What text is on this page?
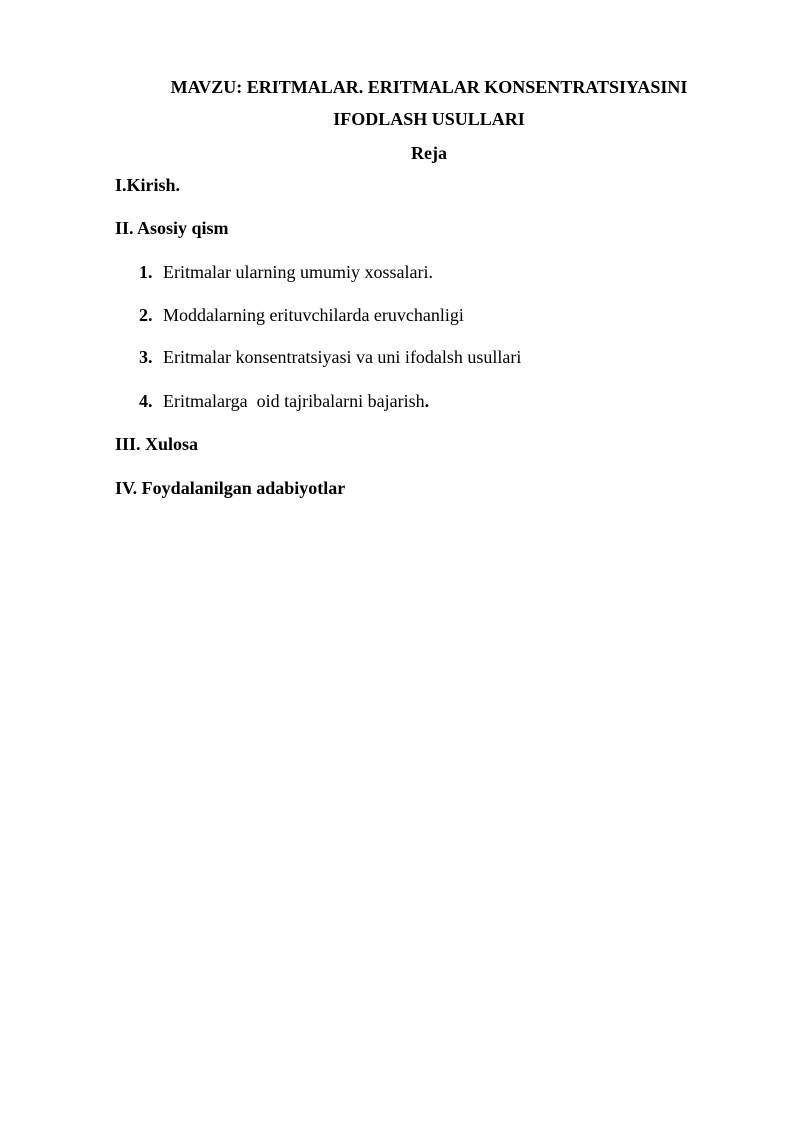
MAVZU: ERITMALAR. ERITMALAR KONSENTRATSIYASINI
IFODLASH USULLARI
Reja
I.Kirish.
II. Asosiy qism
1. Eritmalar ularning umumiy xossalari.
2. Moddalarning erituvchilarda eruvchanligi
3. Eritmalar konsentratsiyasi va uni ifodalsh usullari
4. Eritmalarga  oid tajribalarni bajarish.
III. Xulosa
IV. Foydalanilgan adabiyotlar
